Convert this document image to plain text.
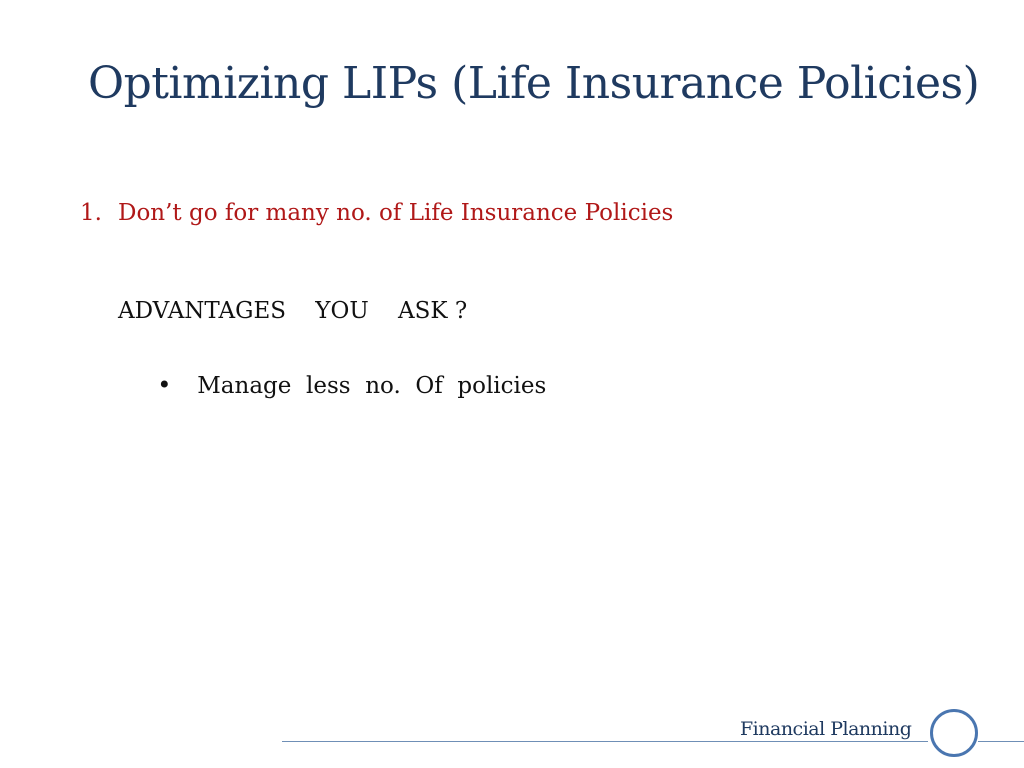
Optimizing LIPs (Life Insurance Policies)
1. Don’t go for many no. of Life Insurance Policies
ADVANTAGES    YOU    ASK ?

• Manage  less  no.  Of  policies

Financial Planning
